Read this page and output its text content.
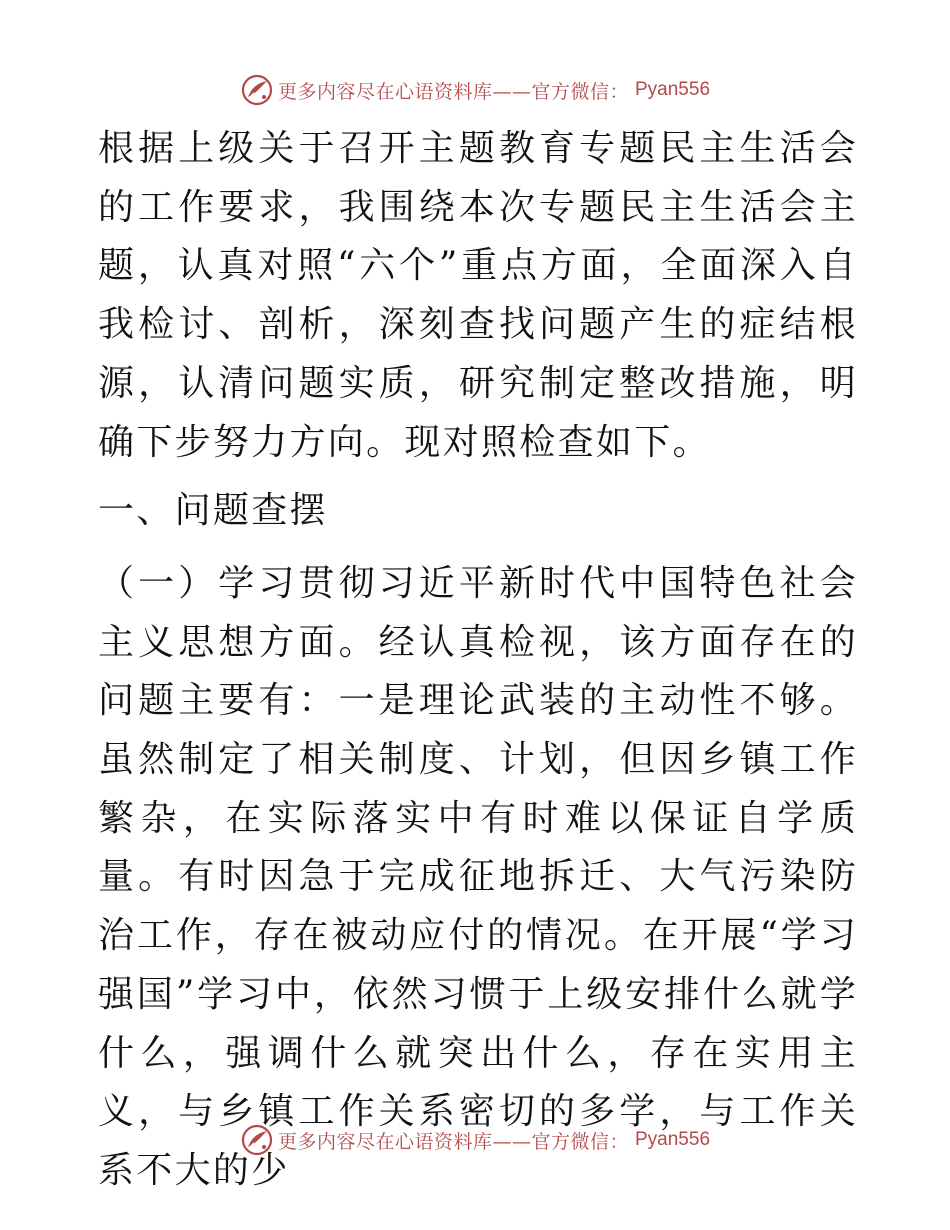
更多内容尽在心语资料库——官方微信： Pyan556

根据上级关于召开主题教育专题民主生活会的工作要求，我围绕本次专题民主生活会主题，认真对照“六个”重点方面，全面深入自我检讨、剖析，深刻查找问题产生的症结根源，认清问题实质，研究制定整改措施，明确下步努力方向。现对照检查如下。

一、问题查摆

（一）学习贯彻习近平新时代中国特色社会主义思想方面。经认真检视，该方面存在的问题主要有：一是理论武装的主动性不够。虽然制定了相关制度、计划，但因乡镇工作繁杂，在实际落实中有时难以保证自学质量。有时因急于完成征地拆迁、大气污染防治工作，存在被动应付的情况。在开展“学习强国”学习中，依然习惯于上级安排什么就学什么，强调什么就突出什么，存在实用主义，与乡镇工作关系密切的多学，与工作关系不大的少

更多内容尽在心语资料库——官方微信： Pyan556
